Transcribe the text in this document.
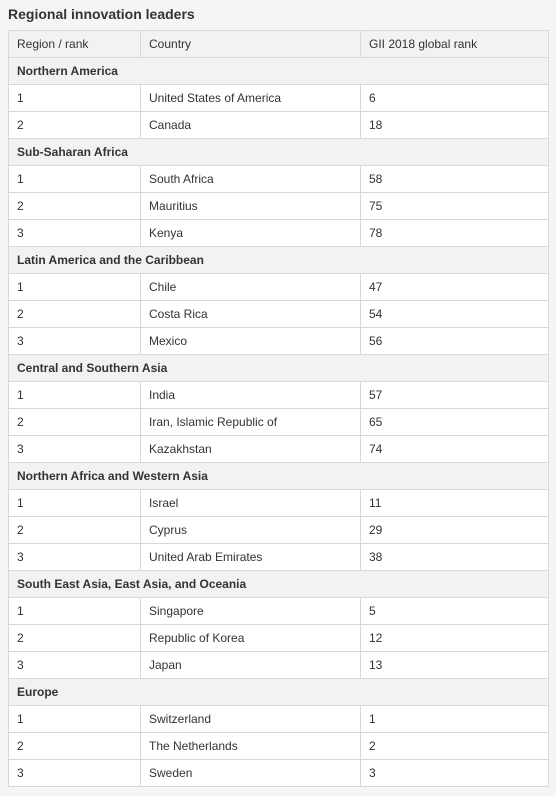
Regional innovation leaders
Region / rank	Country	GII 2018 global rank
Northern America		
1	United States of America	6
2	Canada	18
Sub-Saharan Africa		
1	South Africa	58
2	Mauritius	75
3	Kenya	78
Latin America and the Caribbean		
1	Chile	47
2	Costa Rica	54
3	Mexico	56
Central and Southern Asia		
1	India	57
2	Iran, Islamic Republic of	65
3	Kazakhstan	74
Northern Africa and Western Asia		
1	Israel	11
2	Cyprus	29
3	United Arab Emirates	38
South East Asia, East Asia, and Oceania		
1	Singapore	5
2	Republic of Korea	12
3	Japan	13
Europe		
1	Switzerland	1
2	The Netherlands	2
3	Sweden	3
